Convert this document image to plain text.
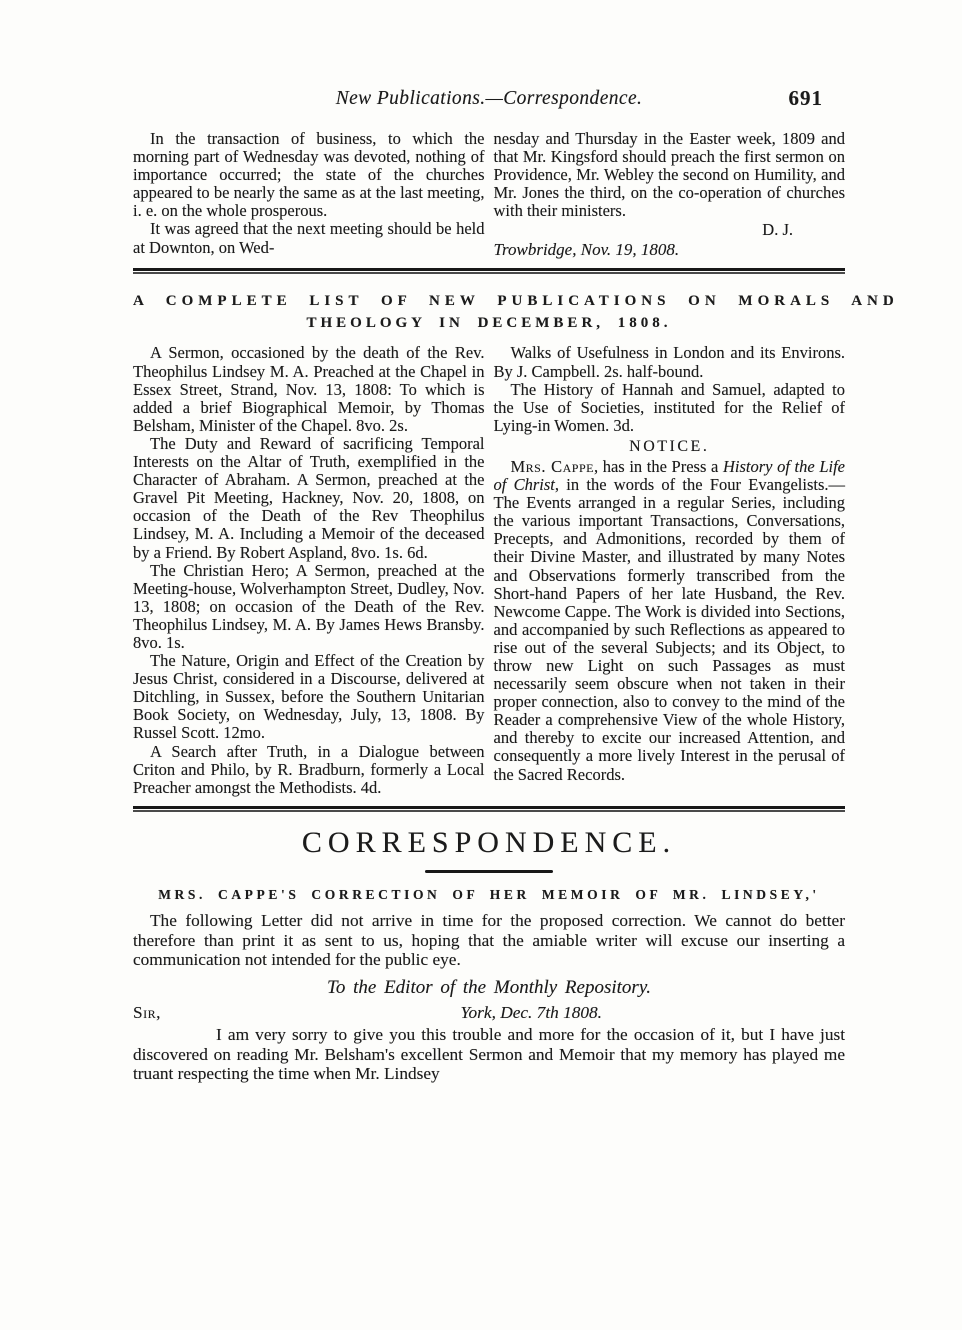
New Publications.—Correspondence.	691

In the transaction of business, to which the morning part of Wednesday was devoted, nothing of importance occurred; the state of the churches appeared to be nearly the same as at the last meeting, i. e. on the whole prosperous.

It was agreed that the next meeting should be held at Downton, on Wed-

nesday and Thursday in the Easter week, 1809 and that Mr. Kingsford should preach the first sermon on Providence, Mr. Webley the second on Humility, and Mr. Jones the third, on the co-operation of churches with their ministers.

D. J.

Trowbridge, Nov. 19, 1808.

A COMPLETE LIST OF NEW PUBLICATIONS ON MORALS AND
THEOLOGY IN DECEMBER, 1808.

A Sermon, occasioned by the death of the Rev. Theophilus Lindsey M. A. Preached at the Chapel in Essex Street, Strand, Nov. 13, 1808: To which is added a brief Biographical Memoir, by Thomas Belsham, Minister of the Chapel. 8vo. 2s.

The Duty and Reward of sacrificing Temporal Interests on the Altar of Truth, exemplified in the Character of Abraham. A Sermon, preached at the Gravel Pit Meeting, Hackney, Nov. 20, 1808, on occasion of the Death of the Rev Theophilus Lindsey, M. A. Including a Memoir of the deceased by a Friend. By Robert Aspland, 8vo. 1s. 6d.

The Christian Hero; A Sermon, preached at the Meeting-house, Wolverhampton Street, Dudley, Nov. 13, 1808; on occasion of the Death of the Rev. Theophilus Lindsey, M. A. By James Hews Bransby. 8vo. 1s.

The Nature, Origin and Effect of the Creation by Jesus Christ, considered in a Discourse, delivered at Ditchling, in Sussex, before the Southern Unitarian Book Society, on Wednesday, July, 13, 1808. By Russel Scott. 12mo.

A Search after Truth, in a Dialogue between Criton and Philo, by R. Bradburn, formerly a Local Preacher amongst the Methodists. 4d.

Walks of Usefulness in London and its Environs. By J. Campbell. 2s. half-bound.

The History of Hannah and Samuel, adapted to the Use of Societies, instituted for the Relief of Lying-in Women. 3d.

NOTICE.

Mrs. Cappe, has in the Press a History of the Life of Christ, in the words of the Four Evangelists.—The Events arranged in a regular Series, including the various important Transactions, Conversations, Precepts, and Admonitions, recorded by them of their Divine Master, and illustrated by many Notes and Observations formerly transcribed from the Short-hand Papers of her late Husband, the Rev. Newcome Cappe. The Work is divided into Sections, and accompanied by such Reflections as appeared to rise out of the several Subjects; and its Object, to throw new Light on such Passages as must necessarily seem obscure when not taken in their proper connection, also to convey to the mind of the Reader a comprehensive View of the whole History, and thereby to excite our increased Attention, and consequently a more lively Interest in the perusal of the Sacred Records.

CORRESPONDENCE.
MRS. CAPPE'S CORRECTION OF HER MEMOIR OF MR. LINDSEY,'

The following Letter did not arrive in time for the proposed correction. We cannot do better therefore than print it as sent to us, hoping that the amiable writer will excuse our inserting a communication not intended for the public eye.

To the Editor of the Monthly Repository.

Sir,	York, Dec. 7th 1808.

I am very sorry to give you this trouble and more for the occasion of it, but I have just discovered on reading Mr. Belsham's excellent Sermon and Memoir that my memory has played me truant respecting the time when Mr. Lindsey
